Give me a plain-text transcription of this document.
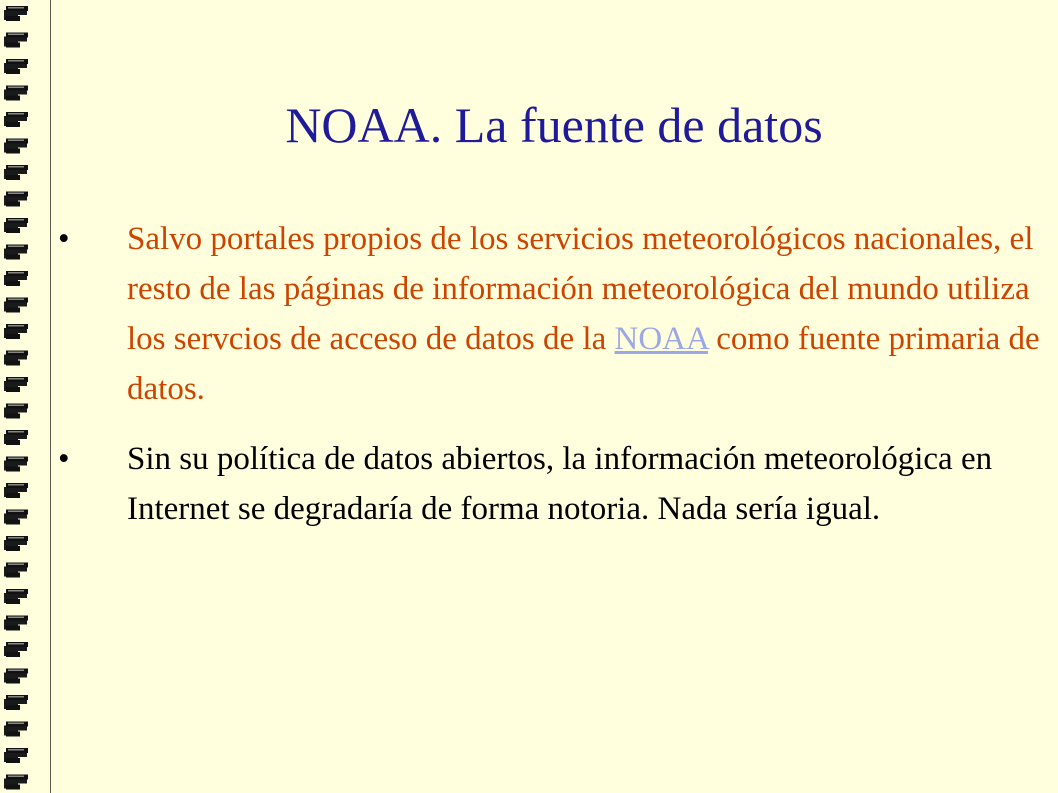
NOAA. La fuente de datos
• Salvo portales propios de los servicios meteorológicos nacionales, el resto de las páginas de información meteorológica del mundo utiliza los servcios de acceso de datos de la NOAA como fuente primaria de datos.
• Sin su política de datos abiertos, la información meteorológica en Internet se degradaría de forma notoria. Nada sería igual.
